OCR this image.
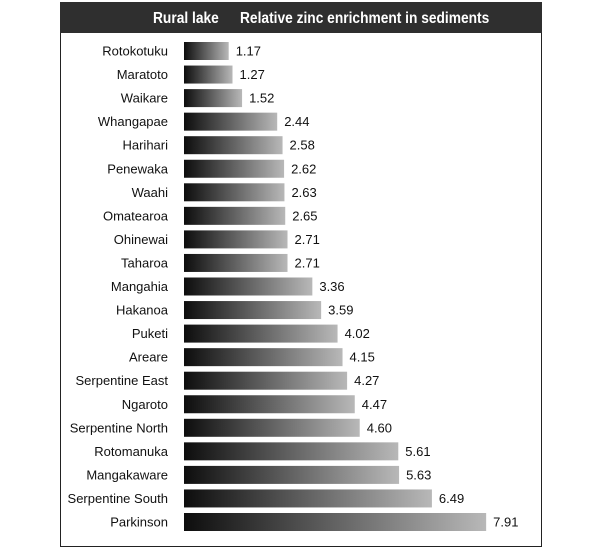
Rural lake Relative zinc enrichment in sediments
Rotokotuku	1.17
Maratoto	1.27
Waikare	1.52
Whangapae	2.44
Harihari	2.58
Penewaka	2.62
Waahi	2.63
Omatearoa	2.65
Ohinewai	2.71
Taharoa	2.71
Mangahia	3.36
Hakanoa	3.59
Puketi	4.02
Areare	4.15
Serpentine East	4.27
Ngaroto	4.47
Serpentine North	4.60
Rotomanuka	5.61
Mangakaware	5.63
Serpentine South	6.49
Parkinson	7.91
